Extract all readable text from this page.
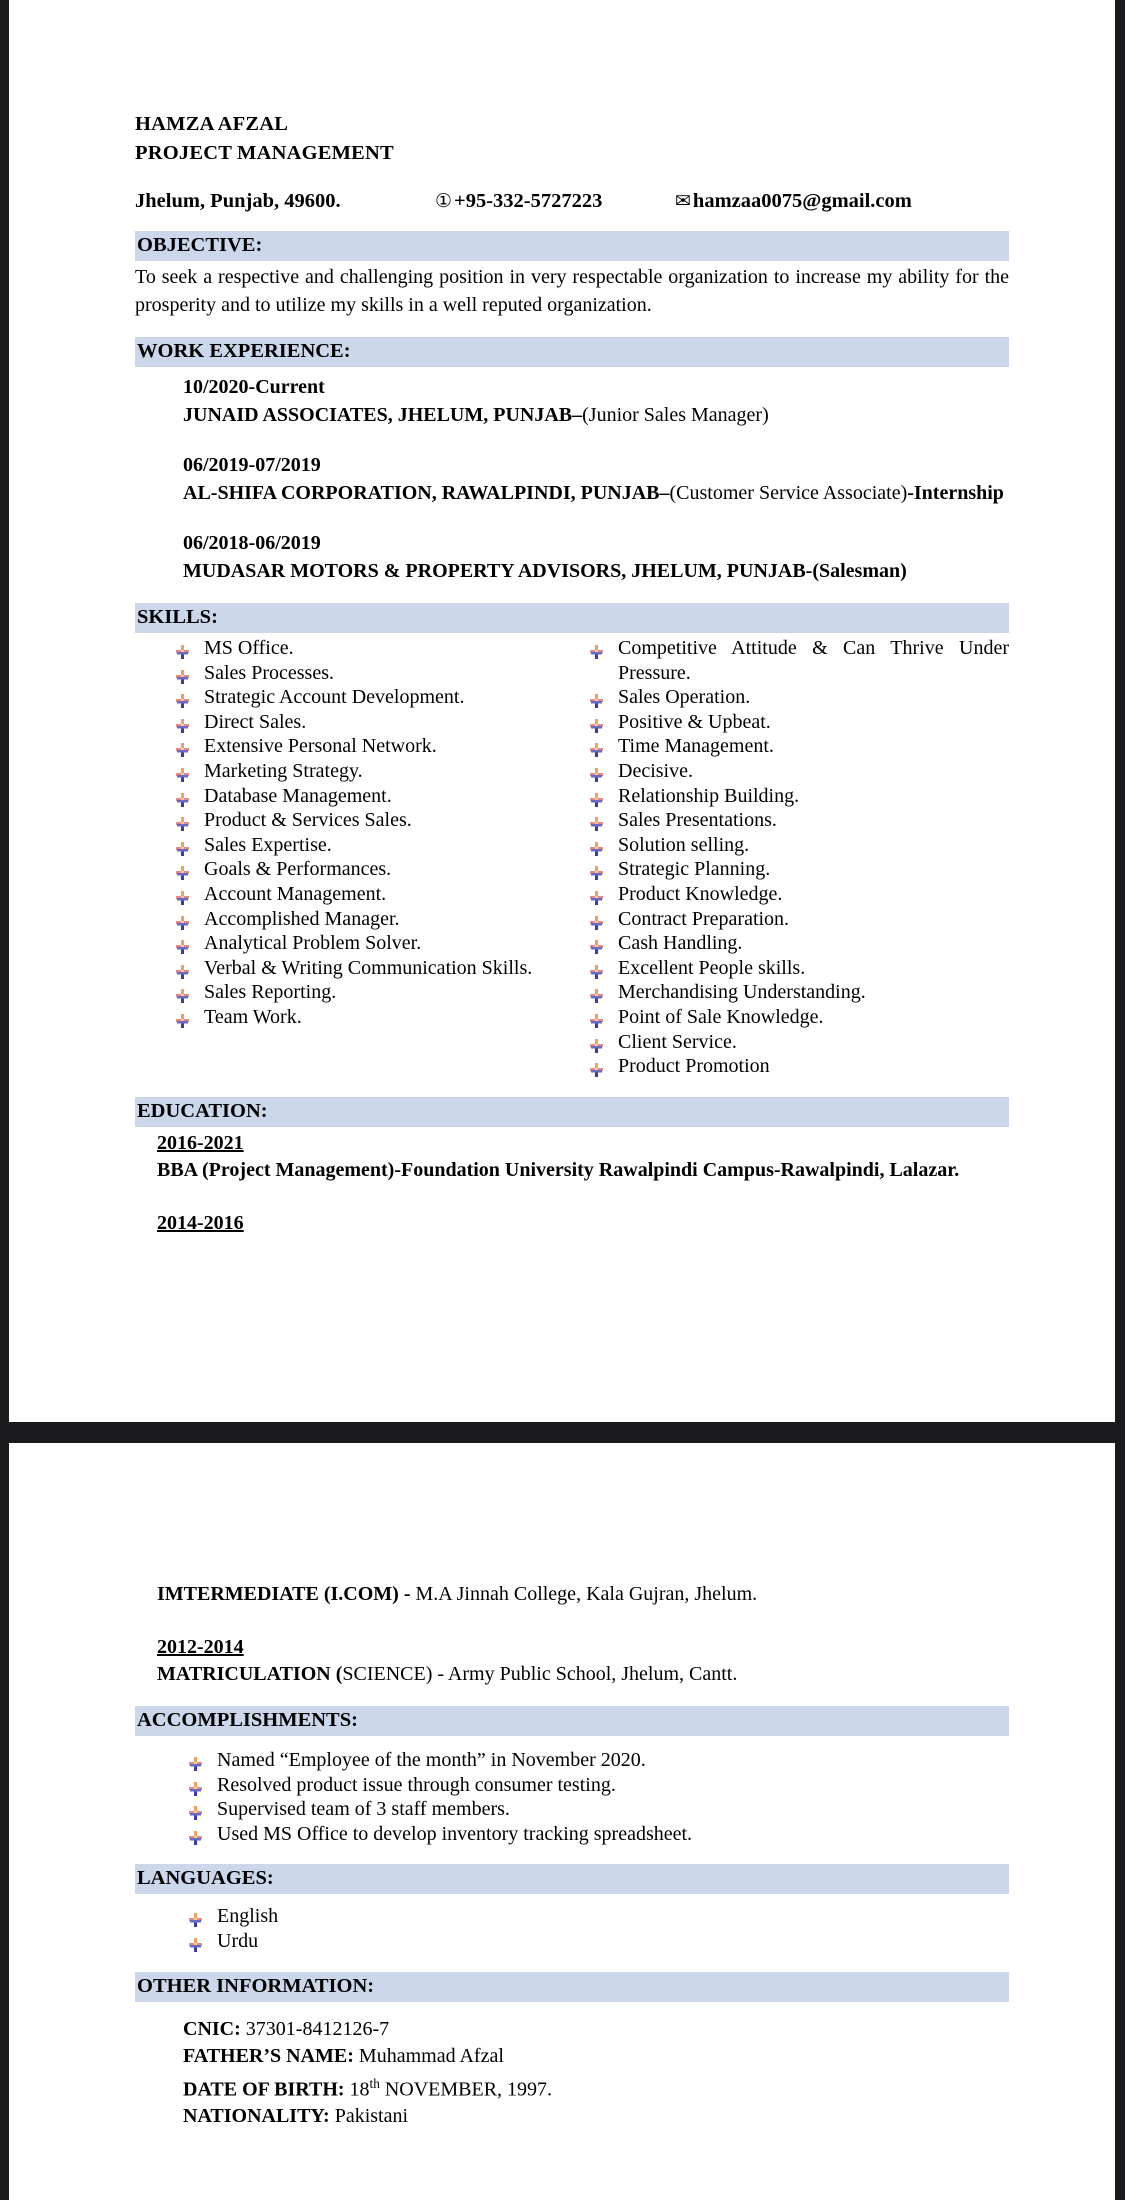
HAMZA AFZAL
PROJECT MANAGEMENT
Jhelum, Punjab, 49600.	①+95-332-5727223	✉hamzaa0075@gmail.com
OBJECTIVE:
To seek a respective and challenging position in very respectable organization to increase my ability for the prosperity and to utilize my skills in a well reputed organization.
WORK EXPERIENCE:
10/2020-Current
JUNAID ASSOCIATES, JHELUM, PUNJAB–(Junior Sales Manager)
06/2019-07/2019
AL-SHIFA CORPORATION, RAWALPINDI, PUNJAB–(Customer Service Associate)-Internship
06/2018-06/2019
MUDASAR MOTORS & PROPERTY ADVISORS, JHELUM, PUNJAB-(Salesman)
SKILLS:
MS Office.
Sales Processes.
Strategic Account Development.
Direct Sales.
Extensive Personal Network.
Marketing Strategy.
Database Management.
Product & Services Sales.
Sales Expertise.
Goals & Performances.
Account Management.
Accomplished Manager.
Analytical Problem Solver.
Verbal & Writing Communication Skills.
Sales Reporting.
Team Work.
Competitive Attitude & Can Thrive Under Pressure.
Sales Operation.
Positive & Upbeat.
Time Management.
Decisive.
Relationship Building.
Sales Presentations.
Solution selling.
Strategic Planning.
Product Knowledge.
Contract Preparation.
Cash Handling.
Excellent People skills.
Merchandising Understanding.
Point of Sale Knowledge.
Client Service.
Product Promotion
EDUCATION:
2016-2021
BBA (Project Management)-Foundation University Rawalpindi Campus-Rawalpindi, Lalazar.
2014-2016
IMTERMEDIATE (I.COM) - M.A Jinnah College, Kala Gujran, Jhelum.
2012-2014
MATRICULATION (SCIENCE) - Army Public School, Jhelum, Cantt.
ACCOMPLISHMENTS:
Named “Employee of the month” in November 2020.
Resolved product issue through consumer testing.
Supervised team of 3 staff members.
Used MS Office to develop inventory tracking spreadsheet.
LANGUAGES:
English
Urdu
OTHER INFORMATION:
CNIC: 37301-8412126-7
FATHER’S NAME: Muhammad Afzal
DATE OF BIRTH: 18th NOVEMBER, 1997.
NATIONALITY: Pakistani
